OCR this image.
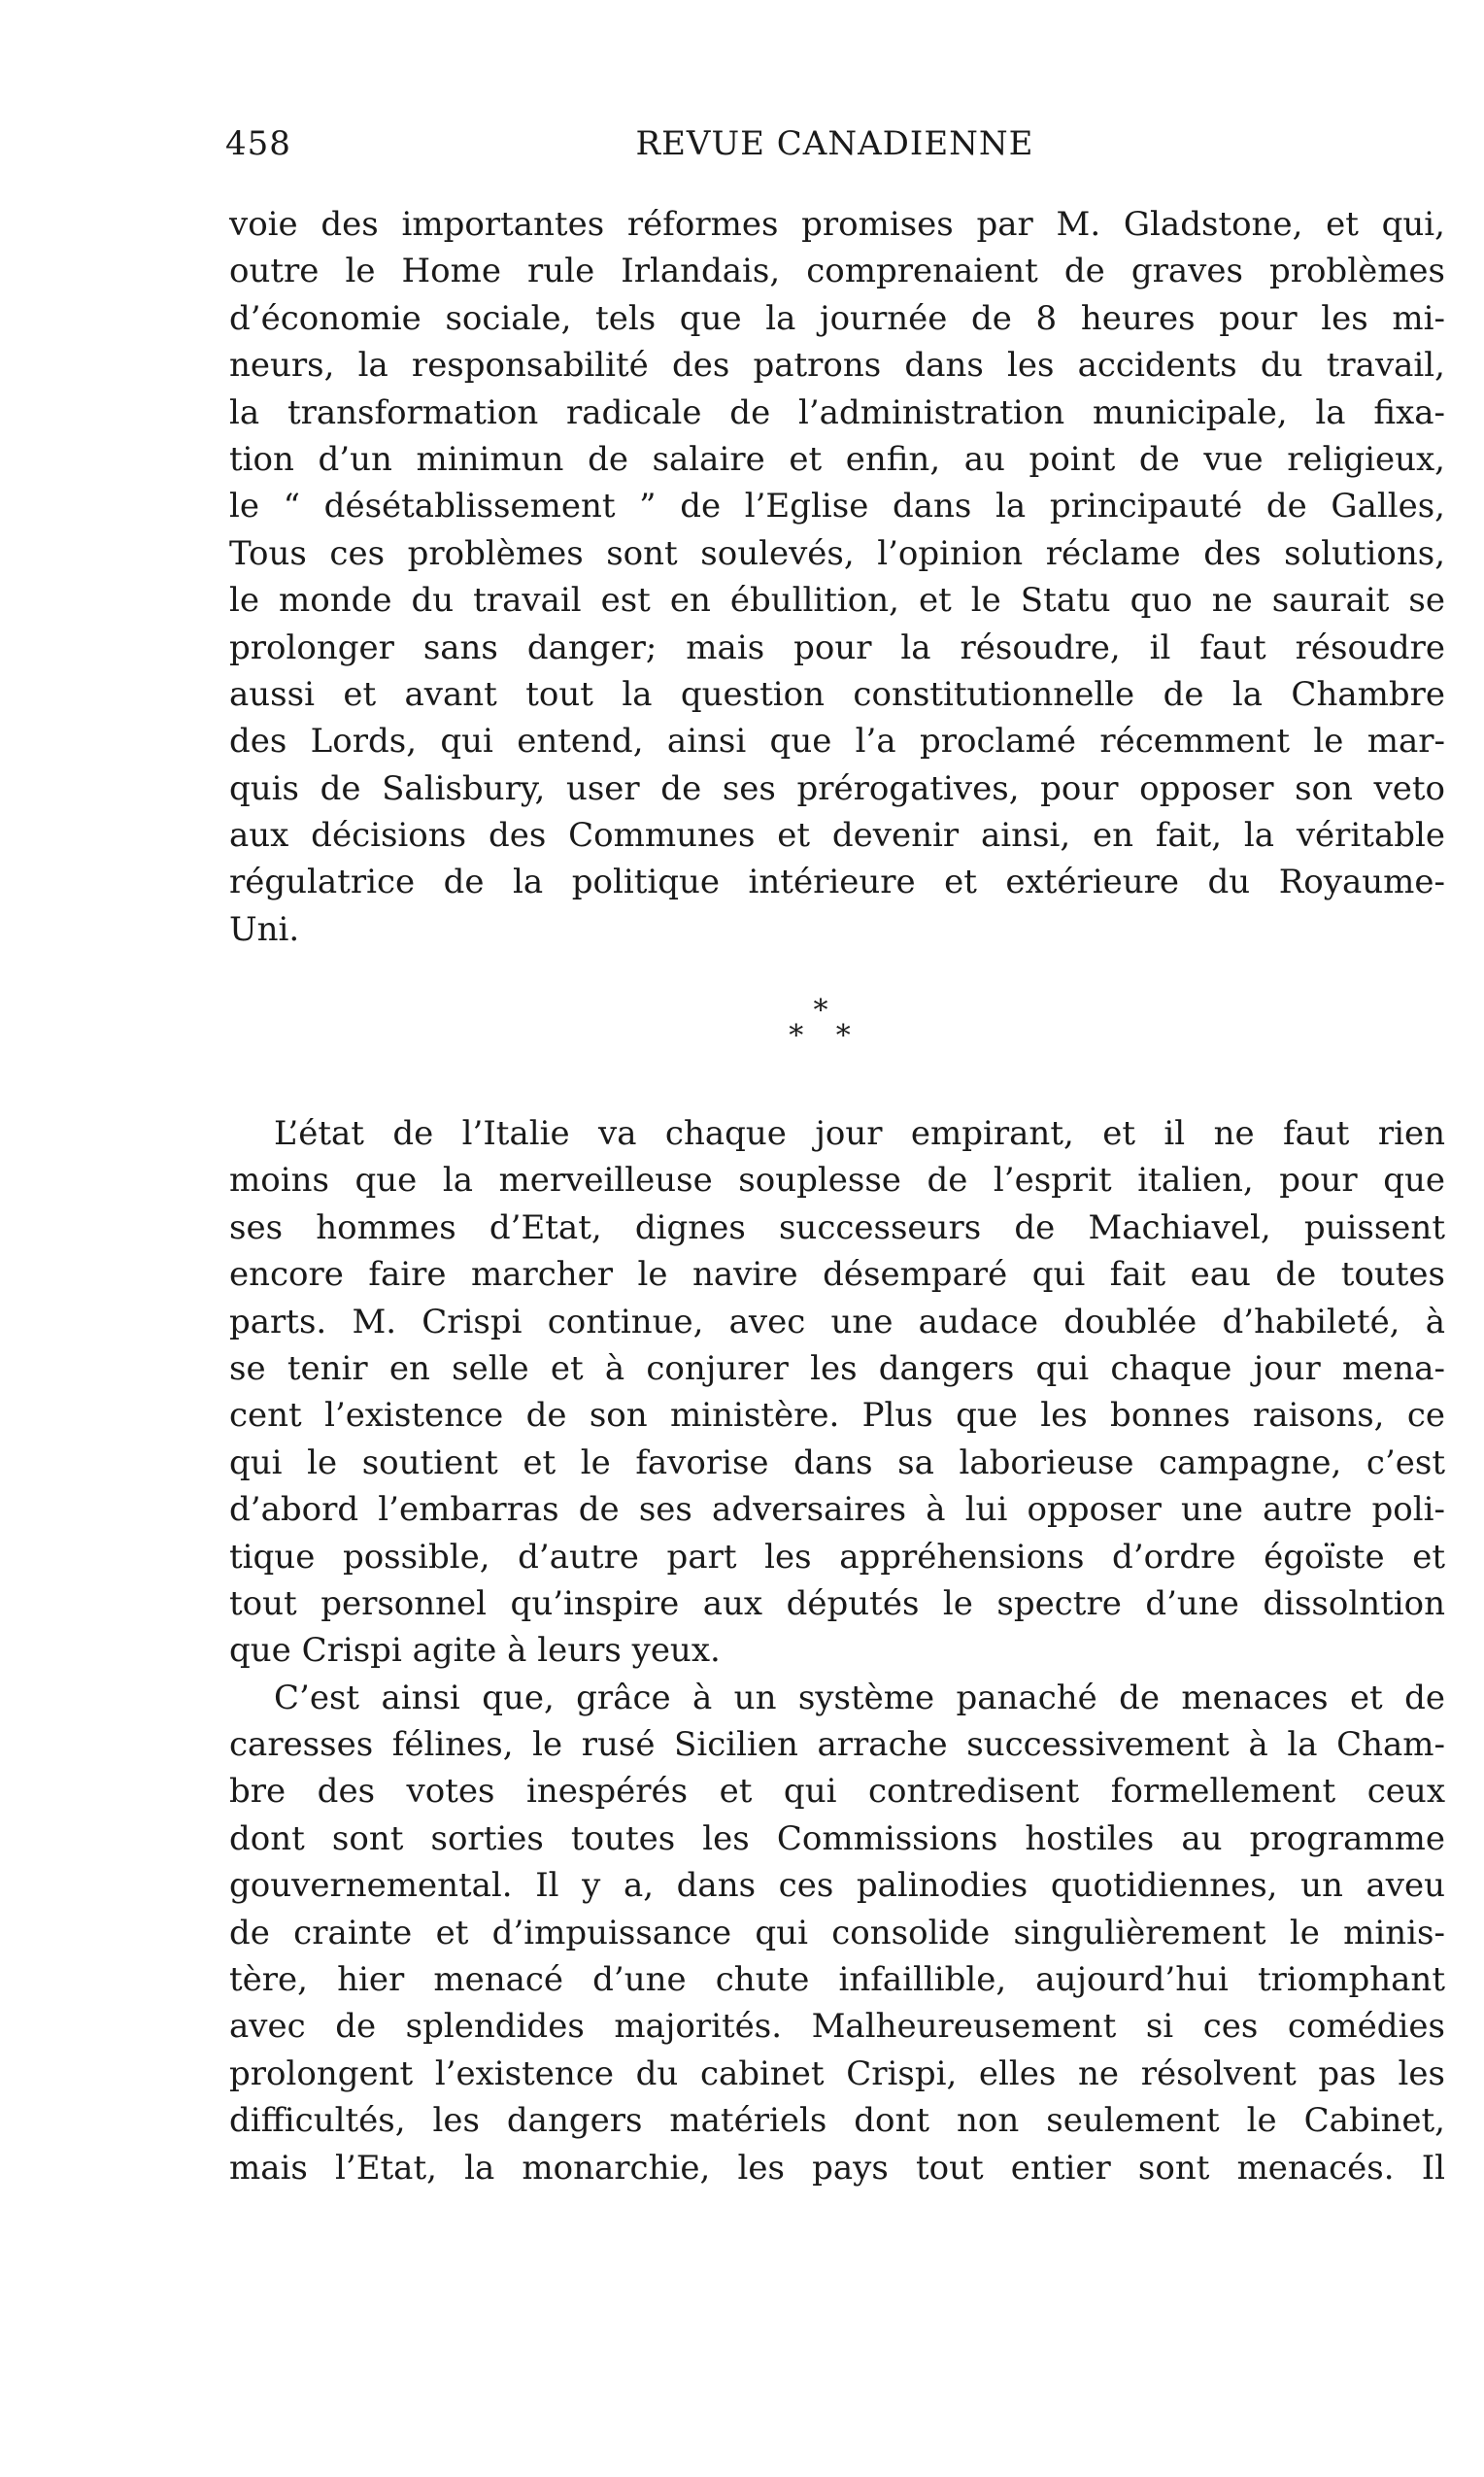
458	REVUE CANADIENNE
voie des importantes réformes promises par M. Gladstone, et qui,
outre le Home rule Irlandais, comprenaient de graves problèmes
d’économie sociale, tels que la journée de 8 heures pour les mi-
neurs, la responsabilité des patrons dans les accidents du travail,
la transformation radicale de l’administration municipale, la fixa-
tion d’un minimun de salaire et enfin, au point de vue religieux,
le “ désétablissement ” de l’Eglise dans la principauté de Galles,
Tous ces problèmes sont soulevés, l’opinion réclame des solutions,
le monde du travail est en ébullition, et le Statu quo ne saurait se
prolonger sans danger; mais pour la résoudre, il faut résoudre
aussi et avant tout la question constitutionnelle de la Chambre
des Lords, qui entend, ainsi que l’a proclamé récemment le mar-
quis de Salisbury, user de ses prérogatives, pour opposer son veto
aux décisions des Communes et devenir ainsi, en fait, la véritable
régulatrice de la politique intérieure et extérieure du Royaume-
Uni.
*
* *
L’état de l’Italie va chaque jour empirant, et il ne faut rien
moins que la merveilleuse souplesse de l’esprit italien, pour que
ses hommes d’Etat, dignes successeurs de Machiavel, puissent
encore faire marcher le navire désemparé qui fait eau de toutes
parts. M. Crispi continue, avec une audace doublée d’habileté, à
se tenir en selle et à conjurer les dangers qui chaque jour mena-
cent l’existence de son ministère. Plus que les bonnes raisons, ce
qui le soutient et le favorise dans sa laborieuse campagne, c’est
d’abord l’embarras de ses adversaires à lui opposer une autre poli-
tique possible, d’autre part les appréhensions d’ordre égoïste et
tout personnel qu’inspire aux députés le spectre d’une dissolntion
que Crispi agite à leurs yeux.
C’est ainsi que, grâce à un système panaché de menaces et de
caresses félines, le rusé Sicilien arrache successivement à la Cham-
bre des votes inespérés et qui contredisent formellement ceux
dont sont sorties toutes les Commissions hostiles au programme
gouvernemental. Il y a, dans ces palinodies quotidiennes, un aveu
de crainte et d’impuissance qui consolide singulièrement le minis-
tère, hier menacé d’une chute infaillible, aujourd’hui triomphant
avec de splendides majorités. Malheureusement si ces comédies
prolongent l’existence du cabinet Crispi, elles ne résolvent pas les
difficultés, les dangers matériels dont non seulement le Cabinet,
mais l’Etat, la monarchie, les pays tout entier sont menacés. Il
